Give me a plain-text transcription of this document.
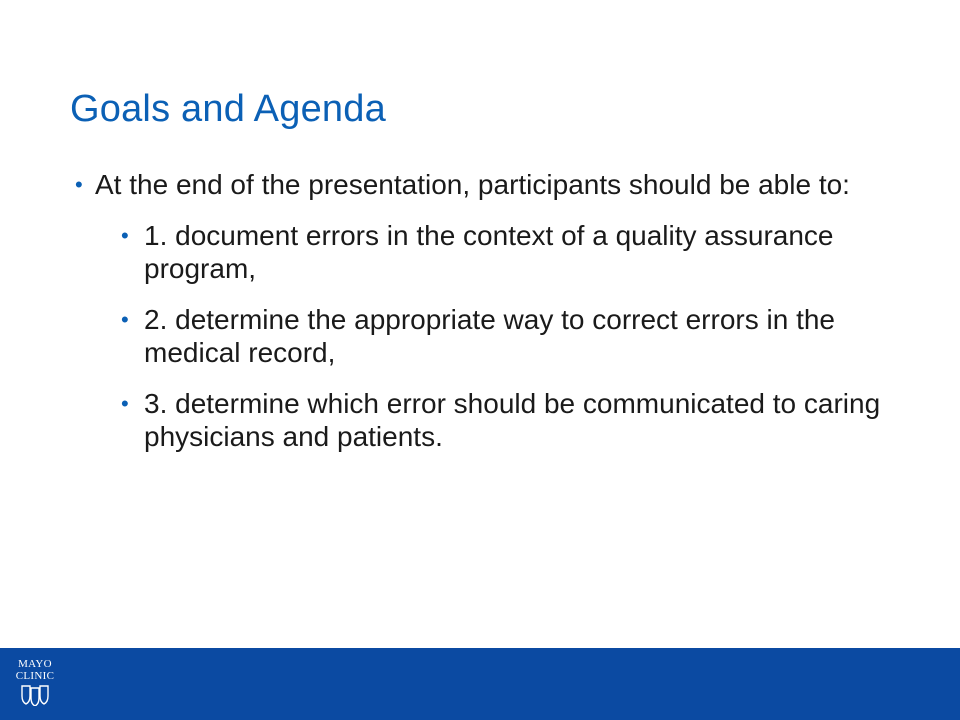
Goals and Agenda
• At the end of the presentation, participants should be able to:
• 1. document errors in the context of a quality assurance program,
• 2. determine the appropriate way to correct errors in the medical record,
• 3. determine which error should be communicated to caring physicians and patients.
MAYO
CLINIC
